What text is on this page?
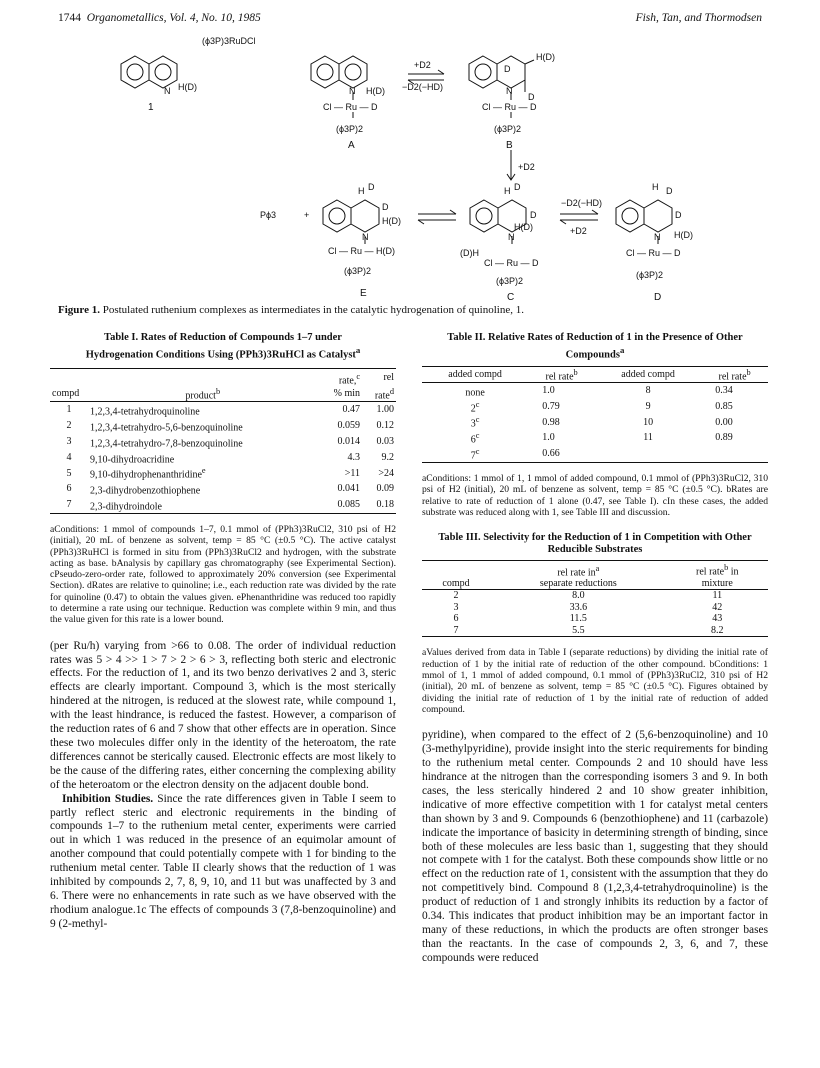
1744 Organometallics, Vol. 4, No. 10, 1985	Fish, Tan, and Thormodsen
(ϕ3P)3RuDCl
H(D)
N
1
N H(D)
Cl — Ru — D
(ϕ3P)2
A
+D2
−D2(−HD)
D
H(D)
N
D
Cl — Ru — D
(ϕ3P)2
B
+D2
Pϕ3	+
H D
D
H(D)
N
Cl — Ru — H(D)
(ϕ3P)2
E
H D
D
H(D)
N
(D)H
Cl — Ru — D
(ϕ3P)2
C
−D2(−HD)
+D2
H D
D
H(D)
N
Cl — Ru — D
(ϕ3P)2
D
Figure 1. Postulated ruthenium complexes as intermediates in the catalytic hydrogenation of quinoline, 1.
Table I. Rates of Reduction of Compounds 1–7 under Hydrogenation Conditions Using (PPh3)3RuHCl as Catalyst$^a$
		rate,$^c$	rel
compd	product$^b$	% min	rate$^d$
1	1,2,3,4-tetrahydroquinoline	0.47	1.00
2	1,2,3,4-tetrahydro-5,6-benzoquinoline	0.059	0.12
3	1,2,3,4-tetrahydro-7,8-benzoquinoline	0.014	0.03
4	9,10-dihydroacridine	4.3	9.2
5	9,10-dihydrophenanthridine$^e$	>11	>24
6	2,3-dihydrobenzothiophene	0.041	0.09
7	2,3-dihydroindole	0.085	0.18
aConditions: 1 mmol of compounds 1–7, 0.1 mmol of (PPh3)3RuCl2, 310 psi of H2 (initial), 20 mL of benzene as solvent, temp = 85 °C (±0.5 °C). The active catalyst (PPh3)3RuHCl is formed in situ from (PPh3)3RuCl2 and hydrogen, with the substrate acting as base. bAnalysis by capillary gas chromatography (see Experimental Section). cPseudo-zero-order rate, followed to approximately 20% conversion (see Experimental Section). dRates are relative to quinoline; i.e., each reduction rate was divided by the rate for quinoline (0.47) to obtain the values given. ePhenanthridine was reduced too rapidly to determine a rate using our technique. Reduction was complete within 9 min, and thus the value given for this rate is a lower bound.
(per Ru/h) varying from >66 to 0.08. The order of individual reduction rates was 5 > 4 >> 1 > 7 > 2 > 6 > 3, reflecting both steric and electronic effects. For the reduction of 1, and its two benzo derivatives 2 and 3, steric effects are clearly important. Compound 3, which is the most sterically hindered at the nitrogen, is reduced at the slowest rate, while compound 1, with the least hindrance, is reduced the fastest. However, a comparison of the reduction rates of 6 and 7 show that other effects are in operation. Since these two molecules differ only in the identity of the heteroatom, the rate differences cannot be sterically caused. Electronic effects are most likely to be the cause of the differing rates, either concerning the complexing ability of the heteroatom or the electron density on the adjacent double bond.
Inhibition Studies. Since the rate differences given in Table I seem to partly reflect steric and electronic requirements in the binding of compounds 1–7 to the ruthenium metal center, experiments were carried out in which 1 was reduced in the presence of an equimolar amount of another compound that could potentially compete with 1 for binding to the ruthenium metal center. Table II clearly shows that the reduction of 1 was inhibited by compounds 2, 7, 8, 9, 10, and 11 but was unaffected by 3 and 6. There were no enhancements in rate such as we have observed with the rhodium analogue.1c The effects of compounds 3 (7,8-benzoquinoline) and 9 (2-methyl-
Table II. Relative Rates of Reduction of 1 in the Presence of Other Compounds$^a$
added compd	rel rate$^b$	added compd	rel rate$^b$
none	1.0	8	0.34
2$^c$	0.79	9	0.85
3$^c$	0.98	10	0.00
6$^c$	1.0	11	0.89
7$^c$	0.66		
aConditions: 1 mmol of 1, 1 mmol of added compound, 0.1 mmol of (PPh3)3RuCl2, 310 psi of H2 (initial), 20 mL of benzene as solvent, temp = 85 °C (±0.5 °C). bRates are relative to rate of reduction of 1 alone (0.47, see Table I). cIn these cases, the added substrate was reduced along with 1, see Table III and discussion.
Table III. Selectivity for the Reduction of 1 in Competition with Other Reducible Substrates
	rel rate $in^a$	rel rate$^b$ in
compd	separate reductions	mixture
2	8.0	11
3	33.6	42
6	11.5	43
7	5.5	8.2
aValues derived from data in Table I (separate reductions) by dividing the initial rate of reduction of 1 by the initial rate of reduction of the other compound. bConditions: 1 mmol of 1, 1 mmol of added compound, 0.1 mmol of (PPh3)3RuCl2, 310 psi of H2 (initial), 20 mL of benzene as solvent, temp = 85 °C (±0.5 °C). Figures obtained by dividing the initial rate of reduction of 1 by the initial rate of reduction of added compound.
pyridine), when compared to the effect of 2 (5,6-benzoquinoline) and 10 (3-methylpyridine), provide insight into the steric requirements for binding to the ruthenium metal center. Compounds 2 and 10 should have less hindrance at the nitrogen than the corresponding isomers 3 and 9. In both cases, the less sterically hindered 2 and 10 show greater inhibition, indicative of more effective competition with 1 for catalyst metal centers than shown by 3 and 9. Compounds 6 (benzothiophene) and 11 (carbazole) indicate the importance of basicity in determining strength of binding, since both of these molecules are less basic than 1, suggesting that they should not compete with 1 for the catalyst. Both these compounds show little or no effect on the reduction rate of 1, consistent with the assumption that they do not competitively bind. Compound 8 (1,2,3,4-tetrahydroquinoline) is the product of reduction of 1 and strongly inhibits its reduction by a factor of 0.34. This indicates that product inhibition may be an important factor in many of these reductions, in which the products are often stronger bases than the reactants. In the case of compounds 2, 3, 6, and 7, these compounds were reduced
